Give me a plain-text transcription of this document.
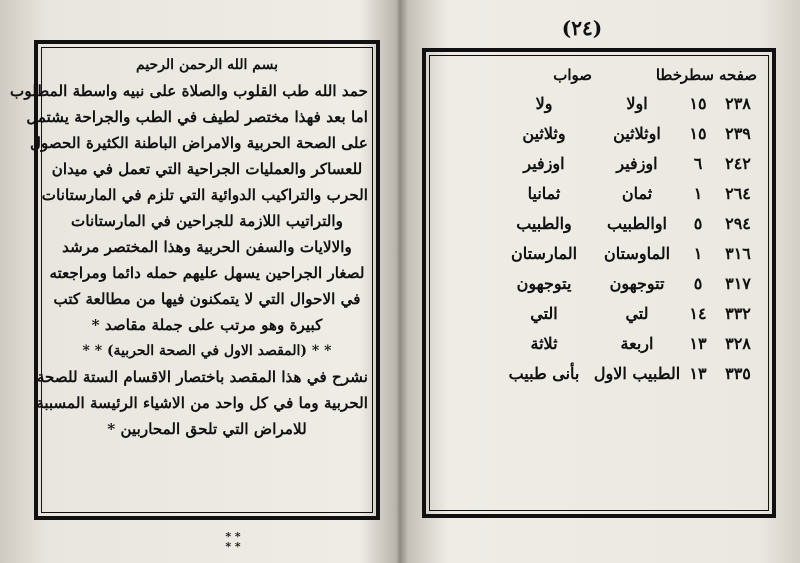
بسم الله الرحمن الرحيم
حمد الله طب القلوب والصلاة على نبيه واسطة المطلوب
اما بعد فهذا مختصر لطيف في الطب والجراحة يشتمل
على الصحة الحربية والامراض الباطنة الكثيرة الحصول
للعساكر والعمليات الجراحية التي تعمل في ميدان
الحرب والتراكيب الدوائية التي تلزم في المارستانات
والتراتيب اللازمة للجراحين في المارستانات
والالايات والسفن الحربية وهذا المختصر مرشد
لصغار الجراحين يسهل عليهم حمله دائما ومراجعته
في الاحوال التي لا يتمكنون فيها من مطالعة كتب
كبيرة وهو مرتب على جملة مقاصد *
* * (المقصد الاول في الصحة الحربية) * *
نشرح في هذا المقصد باختصار الاقسام الستة للصحة
الحربية وما في كل واحد من الاشياء الرئيسة المسببة
للامراض التي تلحق المحاربين *
* *
* *
(٢٤)
صفحه
سطر
خطا
صواب
٢٣٨
١٥
اولا
ولا
٢٣٩
١٥
اوثلاثين
وثلاثين
٢٤٢
٦
اوزفير
اوزفير
٢٦٤
١
ثمان
ثمانيا
٢٩٤
٥
اوالطبيب
والطبيب
٣١٦
١
الماوستان
المارستان
٣١٧
٥
تتوجهون
يتوجهون
٣٣٢
١٤
لتي
التي
٣٢٨
١٣
اربعة
ثلاثة
٣٣٥
١٣
الطبيب الاول
بأنى طبيب
